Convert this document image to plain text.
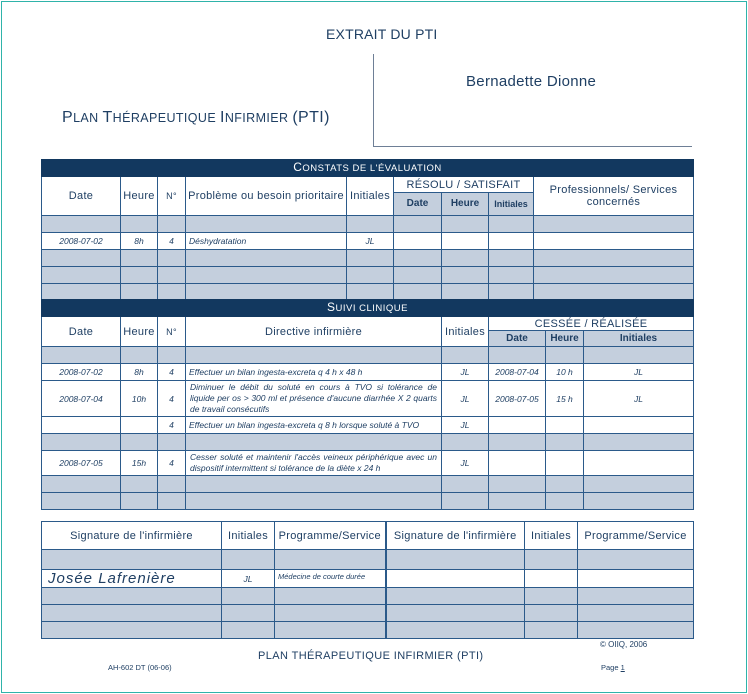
EXTRAIT DU PTI
Bernadette Dionne
PLAN THÉRAPEUTIQUE INFIRMIER (PTI)
CONSTATS DE L'ÉVALUATION								
Date	Heure	N°	Problème ou besoin prioritaire	Initiales	RÉSOLU / SATISFAIT			Professionnels/ Services concernés
					Date	Heure	Initiales	

2008-07-02	8h	4	Déshydratation	JL				

SUIVI CLINIQUE							
Date	Heure	N°	Directive infirmière	Initiales	CESSÉE / RÉALISÉE		
					Date	Heure	Initiales

2008-07-02	8h	4	Effectuer un bilan ingesta-excreta q 4 h x 48 h	JL	2008-07-04	10 h	JL
2008-07-04	10h	4	Diminuer le débit du soluté en cours à TVO si tolérance de liquide per os > 300 ml et présence d'aucune diarrhée X 2 quarts de travail consécutifs	JL	2008-07-05	15 h	JL
		4	Effectuer un bilan ingesta-excreta q 8 h lorsque soluté à TVO	JL			

2008-07-05	15h	4	Cesser soluté et maintenir l'accès veineux périphérique avec un dispositif intermittent si tolérance de la diète x 24 h	JL			

Signature de l'infirmière	Initiales	Programme/Service	Signature de l'infirmière	Initiales	Programme/Service

Josée Lafrenière	JL	Médecine de courte durée			

© OIIQ, 2006
PLAN THÉRAPEUTIQUE INFIRMIER (PTI)
AH-602 DT (06-06)	Page 1
